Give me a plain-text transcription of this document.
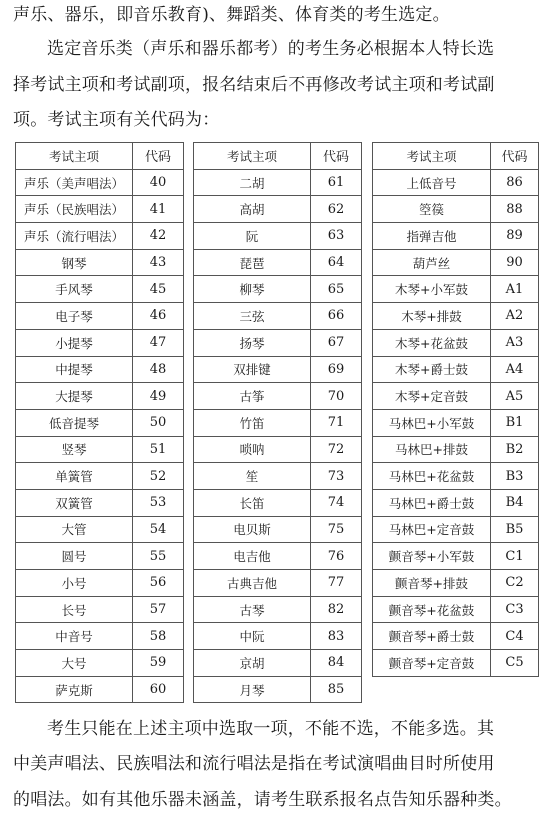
声乐、器乐，即音乐教育)、舞蹈类、体育类的考生选定。
选定音乐类（声乐和器乐都考）的考生务必根据本人特长选
择考试主项和考试副项，报名结束后不再修改考试主项和考试副
项。考试主项有关代码为：
考试主项	代码
声乐（美声唱法）	40
声乐（民族唱法）	41
声乐（流行唱法）	42
钢琴	43
手风琴	45
电子琴	46
小提琴	47
中提琴	48
大提琴	49
低音提琴	50
竖琴	51
单簧管	52
双簧管	53
大管	54
圆号	55
小号	56
长号	57
中音号	58
大号	59
萨克斯	60
考试主项	代码
二胡	61
高胡	62
阮	63
琵琶	64
柳琴	65
三弦	66
扬琴	67
双排键	69
古筝	70
竹笛	71
唢呐	72
笙	73
长笛	74
电贝斯	75
电吉他	76
古典吉他	77
古琴	82
中阮	83
京胡	84
月琴	85
考试主项	代码
上低音号	86
箜篌	88
指弹吉他	89
葫芦丝	90
木琴+小军鼓	A1
木琴+排鼓	A2
木琴+花盆鼓	A3
木琴+爵士鼓	A4
木琴+定音鼓	A5
马林巴+小军鼓	B1
马林巴+排鼓	B2
马林巴+花盆鼓	B3
马林巴+爵士鼓	B4
马林巴+定音鼓	B5
颤音琴+小军鼓	C1
颤音琴+排鼓	C2
颤音琴+花盆鼓	C3
颤音琴+爵士鼓	C4
颤音琴+定音鼓	C5
考生只能在上述主项中选取一项，不能不选，不能多选。其
中美声唱法、民族唱法和流行唱法是指在考试演唱曲目时所使用
的唱法。如有其他乐器未涵盖，请考生联系报名点告知乐器种类。
